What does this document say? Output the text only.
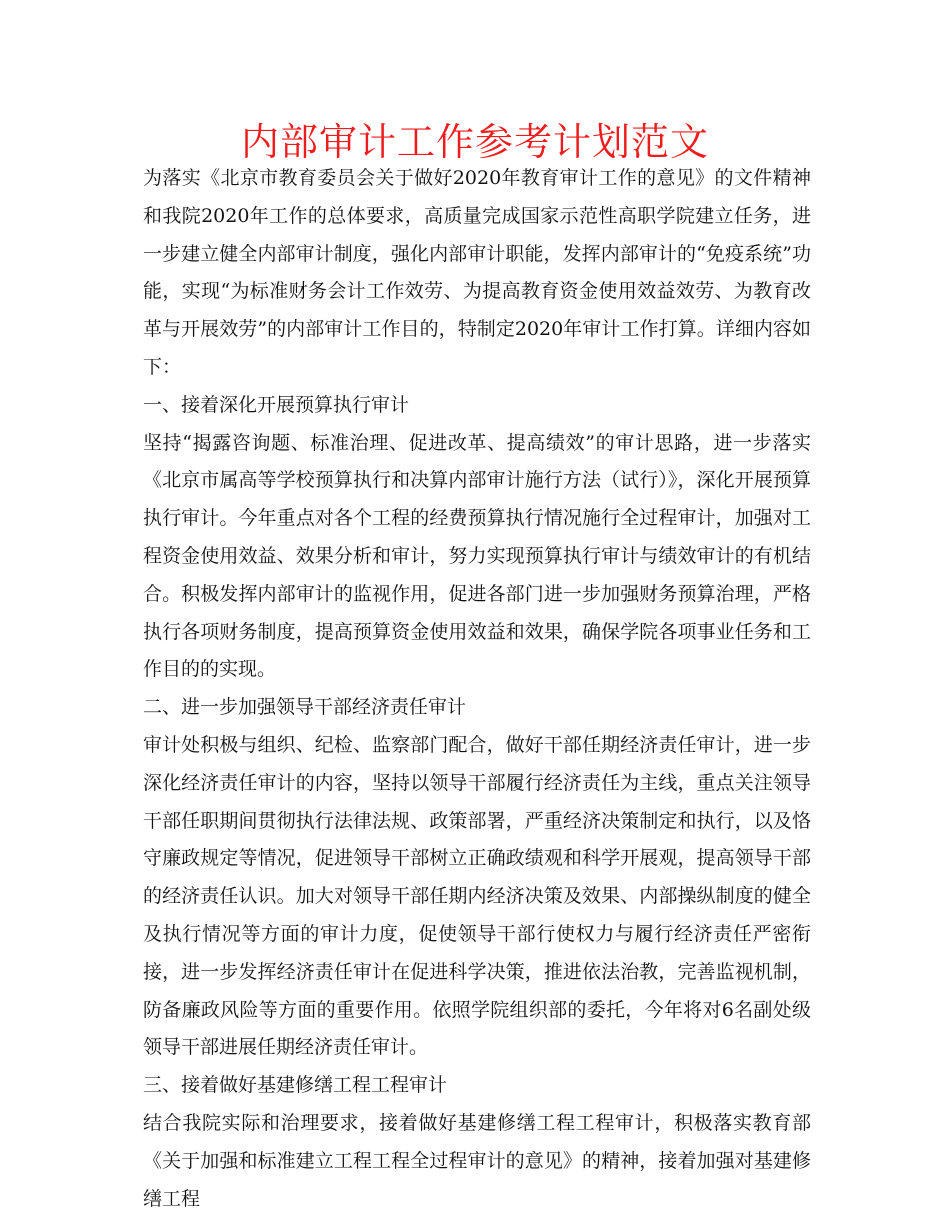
内部审计工作参考计划范文

为落实《北京市教育委员会关于做好2020年教育审计工作的意见》的文件精神和我院2020年工作的总体要求，高质量完成国家示范性高职学院建立任务，进一步建立健全内部审计制度，强化内部审计职能，发挥内部审计的“免疫系统”功能，实现“为标准财务会计工作效劳、为提高教育资金使用效益效劳、为教育改革与开展效劳”的内部审计工作目的，特制定2020年审计工作打算。详细内容如下：

一、接着深化开展预算执行审计

坚持“揭露咨询题、标准治理、促进改革、提高绩效”的审计思路，进一步落实《北京市属高等学校预算执行和决算内部审计施行方法（试行）》，深化开展预算执行审计。今年重点对各个工程的经费预算执行情况施行全过程审计，加强对工程资金使用效益、效果分析和审计，努力实现预算执行审计与绩效审计的有机结合。积极发挥内部审计的监视作用，促进各部门进一步加强财务预算治理，严格执行各项财务制度，提高预算资金使用效益和效果，确保学院各项事业任务和工作目的的实现。

二、进一步加强领导干部经济责任审计

审计处积极与组织、纪检、监察部门配合，做好干部任期经济责任审计，进一步深化经济责任审计的内容，坚持以领导干部履行经济责任为主线，重点关注领导干部任职期间贯彻执行法律法规、政策部署，严重经济决策制定和执行，以及恪守廉政规定等情况，促进领导干部树立正确政绩观和科学开展观，提高领导干部的经济责任认识。加大对领导干部任期内经济决策及效果、内部操纵制度的健全及执行情况等方面的审计力度，促使领导干部行使权力与履行经济责任严密衔接，进一步发挥经济责任审计在促进科学决策，推进依法治教，完善监视机制，防备廉政风险等方面的重要作用。依照学院组织部的委托，今年将对6名副处级领导干部进展任期经济责任审计。

三、接着做好基建修缮工程工程审计

结合我院实际和治理要求，接着做好基建修缮工程工程审计，积极落实教育部《关于加强和标准建立工程工程全过程审计的意见》的精神，接着加强对基建修缮工程
